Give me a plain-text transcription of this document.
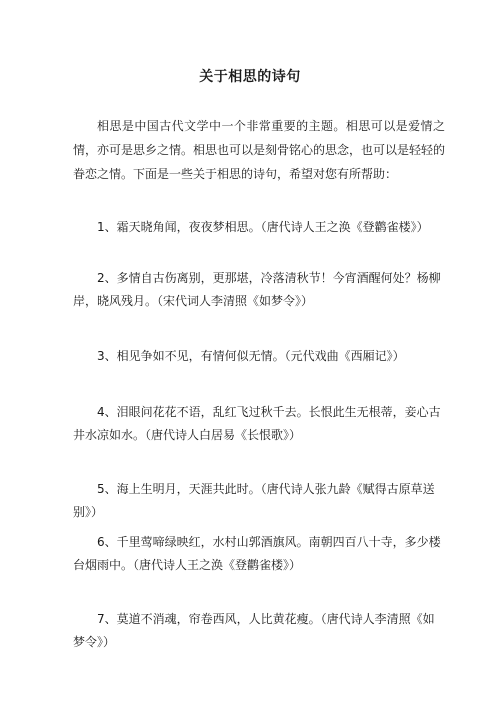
关于相思的诗句
相思是中国古代文学中一个非常重要的主题。相思可以是爱情之情，亦可是思乡之情。相思也可以是刻骨铭心的思念，也可以是轻轻的眷恋之情。下面是一些关于相思的诗句，希望对您有所帮助：
1、霜天晓角闻，夜夜梦相思。（唐代诗人王之涣《登鹳雀楼》）
2、多情自古伤离别，更那堪，冷落清秋节！今宵酒醒何处？杨柳岸，晓风残月。（宋代词人李清照《如梦令》）
3、相见争如不见，有情何似无情。（元代戏曲《西厢记》）
4、泪眼问花花不语，乱红飞过秋千去。长恨此生无根蒂，妾心古井水凉如水。（唐代诗人白居易《长恨歌》）
5、海上生明月，天涯共此时。（唐代诗人张九龄《赋得古原草送别》）
6、千里莺啼绿映红，水村山郭酒旗风。南朝四百八十寺，多少楼台烟雨中。（唐代诗人王之涣《登鹳雀楼》）
7、莫道不消魂，帘卷西风，人比黄花瘦。（唐代诗人李清照《如梦令》）
